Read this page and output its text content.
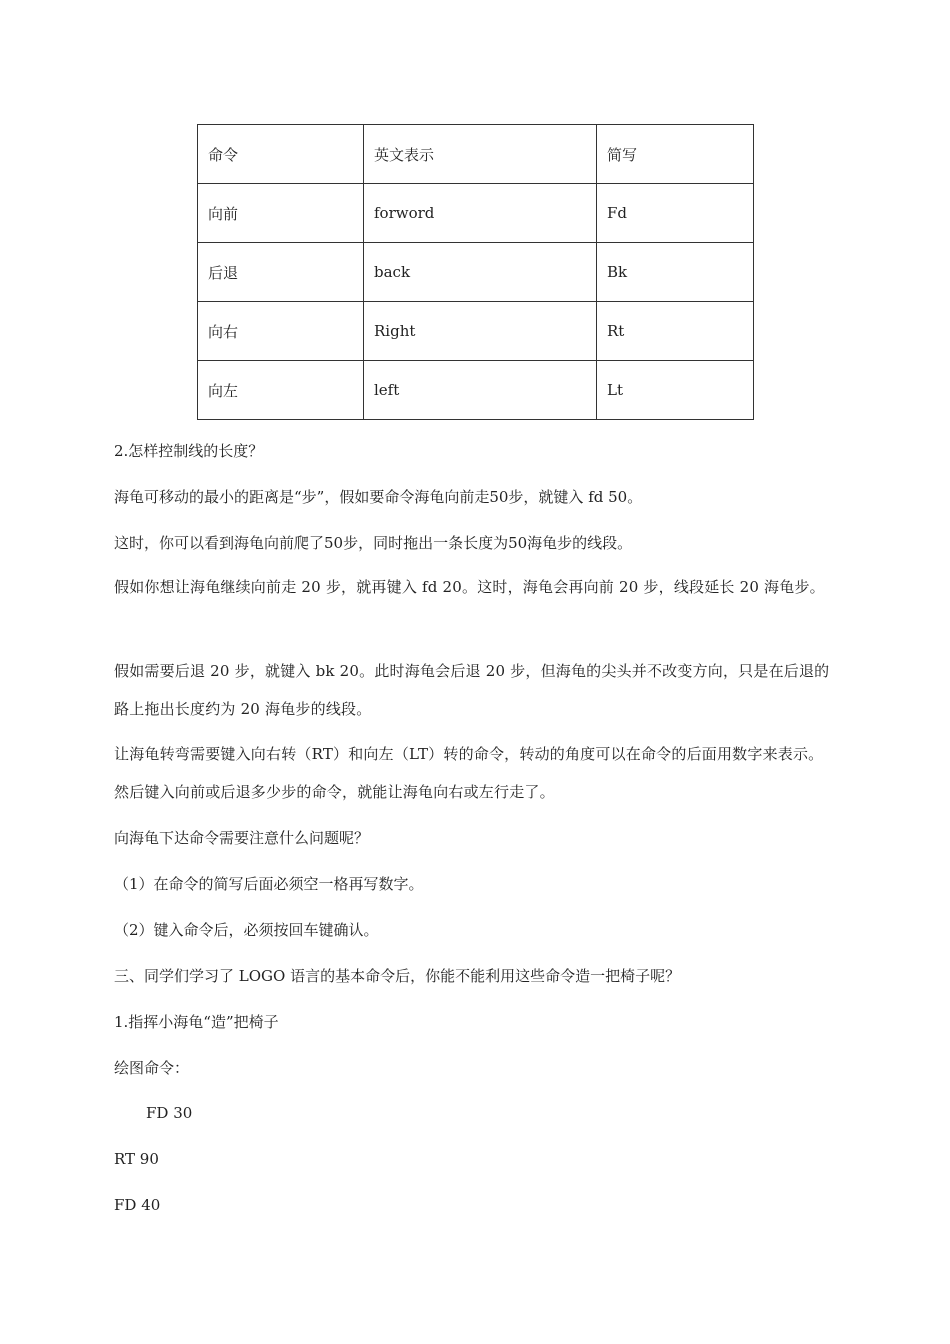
命令	英文表示	简写
向前	forword	Fd
后退	back	Bk
向右	Right	Rt
向左	left	Lt
2.怎样控制线的长度？
海龟可移动的最小的距离是“步”，假如要命令海龟向前走50步，就键入 fd 50。
这时，你可以看到海龟向前爬了50步，同时拖出一条长度为50海龟步的线段。
假如你想让海龟继续向前走 20 步，就再键入 fd 20。这时，海龟会再向前 20 步，线段延长 20 海龟步。
假如需要后退 20 步，就键入 bk 20。此时海龟会后退 20 步，但海龟的尖头并不改变方向，只是在后退的路上拖出长度约为 20 海龟步的线段。
让海龟转弯需要键入向右转（RT）和向左（LT）转的命令，转动的角度可以在命令的后面用数字来表示。然后键入向前或后退多少步的命令，就能让海龟向右或左行走了。
向海龟下达命令需要注意什么问题呢？
（1）在命令的简写后面必须空一格再写数字。
（2）键入命令后，必须按回车键确认。
三、同学们学习了 LOGO 语言的基本命令后，你能不能利用这些命令造一把椅子呢？
1.指挥小海龟“造”把椅子
绘图命令：
FD 30
RT 90
FD 40
